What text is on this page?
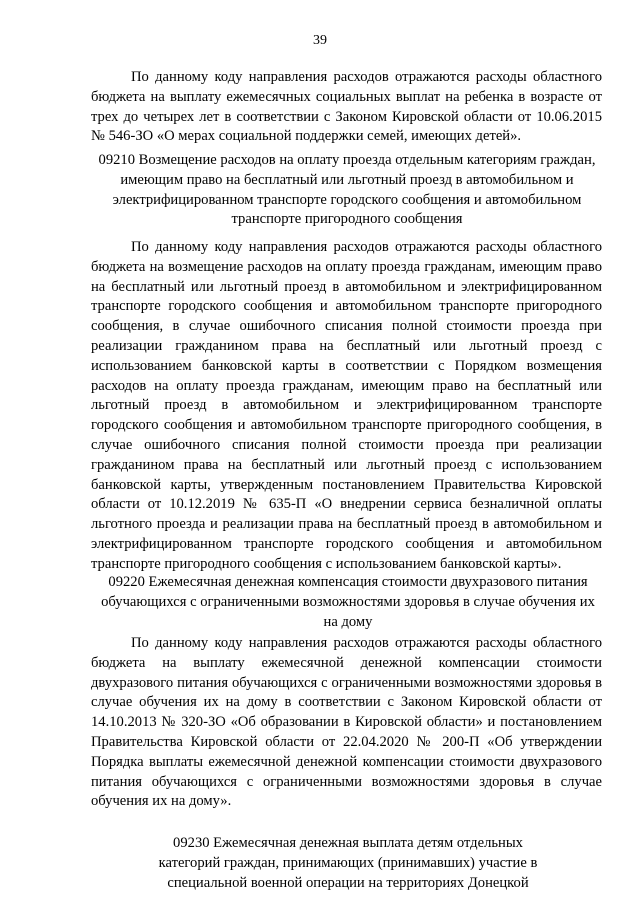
39

По данному коду направления расходов отражаются расходы областного бюджета на выплату ежемесячных социальных выплат на ребенка в возрасте от трех до четырех лет в соответствии с Законом Кировской области от 10.06.2015 № 546-ЗО «О мерах социальной поддержки семей, имеющих детей».

09210 Возмещение расходов на оплату проезда отдельным категориям граждан, имеющим право на бесплатный или льготный проезд в автомобильном и электрифицированном транспорте городского сообщения и автомобильном транспорте пригородного сообщения

По данному коду направления расходов отражаются расходы областного бюджета на возмещение расходов на оплату проезда гражданам, имеющим право на бесплатный или льготный проезд в автомобильном и электрифицированном транспорте городского сообщения и автомобильном транспорте пригородного сообщения, в случае ошибочного списания полной стоимости проезда при реализации гражданином права на бесплатный или льготный проезд с использованием банковской карты в соответствии с Порядком возмещения расходов на оплату проезда гражданам, имеющим право на бесплатный или льготный проезд в автомобильном и электрифицированном транспорте городского сообщения и автомобильном транспорте пригородного сообщения, в случае ошибочного списания полной стоимости проезда при реализации гражданином права на бесплатный или льготный проезд с использованием банковской карты, утвержденным постановлением Правительства Кировской области от 10.12.2019 № 635-П «О внедрении сервиса безналичной оплаты льготного проезда и реализации права на бесплатный проезд в автомобильном и электрифицированном транспорте городского сообщения и автомобильном транспорте пригородного сообщения с использованием банковской карты».

09220 Ежемесячная денежная компенсация стоимости двухразового питания обучающихся с ограниченными возможностями здоровья в случае обучения их на дому

По данному коду направления расходов отражаются расходы областного бюджета на выплату ежемесячной денежной компенсации стоимости двухразового питания обучающихся с ограниченными возможностями здоровья в случае обучения их на дому в соответствии с Законом Кировской области от 14.10.2013 № 320-ЗО «Об образовании в Кировской области» и постановлением Правительства Кировской области от 22.04.2020 № 200-П «Об утверждении Порядка выплаты ежемесячной денежной компенсации стоимости двухразового питания обучающихся с ограниченными возможностями здоровья в случае обучения их на дому».

09230 Ежемесячная денежная выплата детям отдельных категорий граждан, принимающих (принимавших) участие в специальной военной операции на территориях Донецкой
